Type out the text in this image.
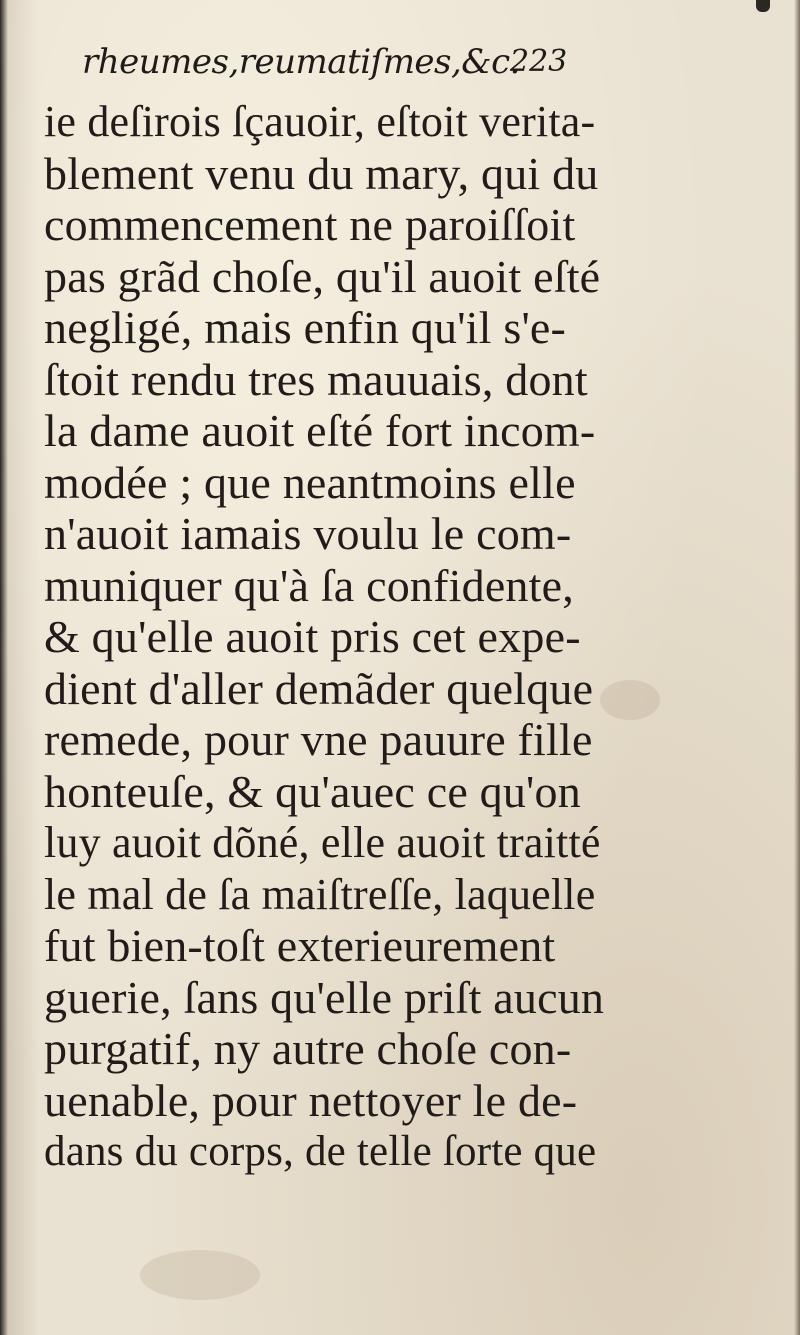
rheumes,reumatiſmes,&c.
223
ie deſirois ſçauoir, eſtoit verita-
blement venu du mary, qui du
commencement ne paroiſſoit
pas grãd choſe, qu'il auoit eſté
negligé, mais enfin qu'il s'e-
ſtoit rendu tres mauuais, dont
la dame auoit eſté fort incom-
modée ; que neantmoins elle
n'auoit iamais voulu le com-
muniquer qu'à ſa confidente,
& qu'elle auoit pris cet expe-
dient d'aller demãder quelque
remede, pour vne pauure fille
honteuſe, & qu'auec ce qu'on
luy auoit dõné, elle auoit traitté
le mal de ſa maiſtreſſe, laquelle
fut bien-toſt exterieurement
guerie, ſans qu'elle priſt aucun
purgatif, ny autre choſe con-
uenable, pour nettoyer le de-
dans du corps, de telle ſorte que
